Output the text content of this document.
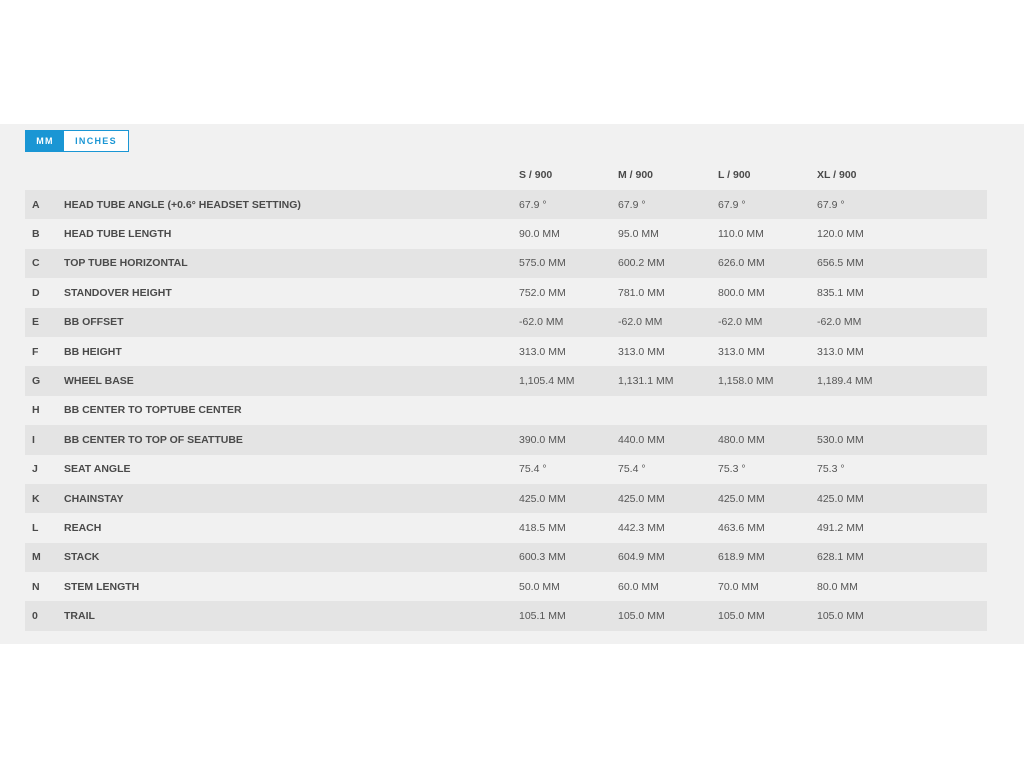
MM	INCHES
		S / 900	M / 900	L / 900	XL / 900
A	HEAD TUBE ANGLE (+0.6° HEADSET SETTING)	67.9 °	67.9 °	67.9 °	67.9 °
B	HEAD TUBE LENGTH	90.0 MM	95.0 MM	110.0 MM	120.0 MM
C	TOP TUBE HORIZONTAL	575.0 MM	600.2 MM	626.0 MM	656.5 MM
D	STANDOVER HEIGHT	752.0 MM	781.0 MM	800.0 MM	835.1 MM
E	BB OFFSET	-62.0 MM	-62.0 MM	-62.0 MM	-62.0 MM
F	BB HEIGHT	313.0 MM	313.0 MM	313.0 MM	313.0 MM
G	WHEEL BASE	1,105.4 MM	1,131.1 MM	1,158.0 MM	1,189.4 MM
H	BB CENTER TO TOPTUBE CENTER				
I	BB CENTER TO TOP OF SEATTUBE	390.0 MM	440.0 MM	480.0 MM	530.0 MM
J	SEAT ANGLE	75.4 °	75.4 °	75.3 °	75.3 °
K	CHAINSTAY	425.0 MM	425.0 MM	425.0 MM	425.0 MM
L	REACH	418.5 MM	442.3 MM	463.6 MM	491.2 MM
M	STACK	600.3 MM	604.9 MM	618.9 MM	628.1 MM
N	STEM LENGTH	50.0 MM	60.0 MM	70.0 MM	80.0 MM
0	TRAIL	105.1 MM	105.0 MM	105.0 MM	105.0 MM
